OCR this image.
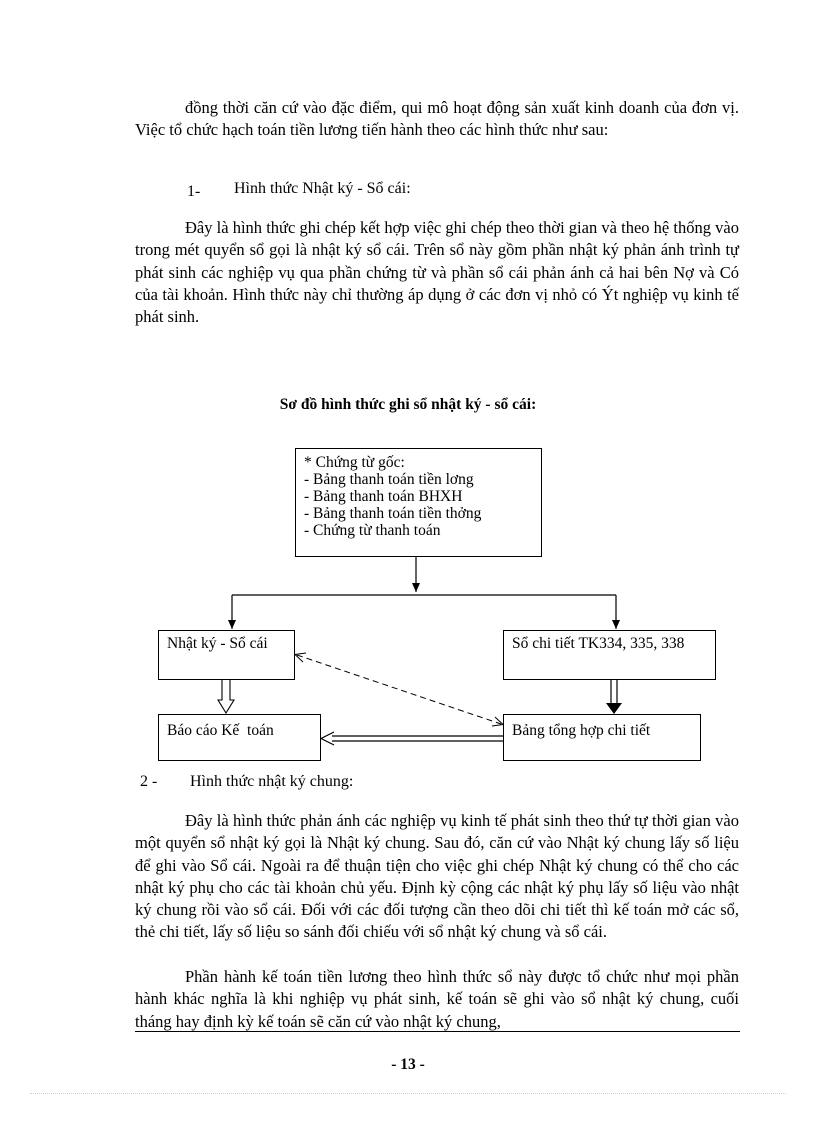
đồng thời căn cứ vào đặc điểm, qui mô hoạt động sản xuất kinh doanh của đơn vị. Việc tổ chức hạch toán tiền lương tiến hành theo các hình thức như sau:

1- Hình thức Nhật ký - Sổ cái:

Đây là hình thức ghi chép kết hợp việc ghi chép theo thời gian và theo hệ thống vào trong mét quyển sổ gọi là nhật ký sổ cái. Trên sổ này gồm phần nhật ký phản ánh trình tự phát sinh các nghiệp vụ qua phần chứng từ và phần sổ cái phản ánh cả hai bên Nợ và Có của tài khoản. Hình thức này chỉ thường áp dụng ở các đơn vị nhỏ có Ýt nghiệp vụ kinh tế phát sinh.

Sơ đồ hình thức ghi sổ nhật ký - sổ cái:
* Chứng từ gốc:
- Bảng thanh toán tiền lơng
- Bảng thanh toán BHXH
- Bảng thanh toán tiền thởng
- Chứng từ thanh toán
Nhật ký - Sổ cái	Sổ chi tiết TK334, 335, 338
Báo cáo Kế  toán	Bảng tổng hợp chi tiết
2 - Hình thức nhật ký chung:

Đây là hình thức phản ánh các nghiệp vụ kinh tế phát sinh theo thứ tự thời gian vào một quyển sổ nhật ký gọi là Nhật ký chung. Sau đó, căn cứ vào Nhật ký chung lấy số liệu để ghi vào Sổ cái. Ngoài ra để thuận tiện cho việc ghi chép Nhật ký chung có thể cho các nhật ký phụ cho các tài khoản chủ yếu. Định kỳ cộng các nhật ký phụ lấy số liệu vào nhật ký chung rồi vào sổ cái. Đối với các đối tượng cần theo dõi chi tiết thì kế toán mở các sổ, thẻ chi tiết, lấy số liệu so sánh đối chiếu với sổ nhật ký chung và sổ cái.

Phần hành kế toán tiền lương theo hình thức sổ này được tổ chức như mọi phần hành khác nghĩa là khi nghiệp vụ phát sinh, kế toán sẽ ghi vào sổ nhật ký chung, cuối tháng hay định kỳ kế toán sẽ căn cứ vào nhật ký chung,

- 13 -
